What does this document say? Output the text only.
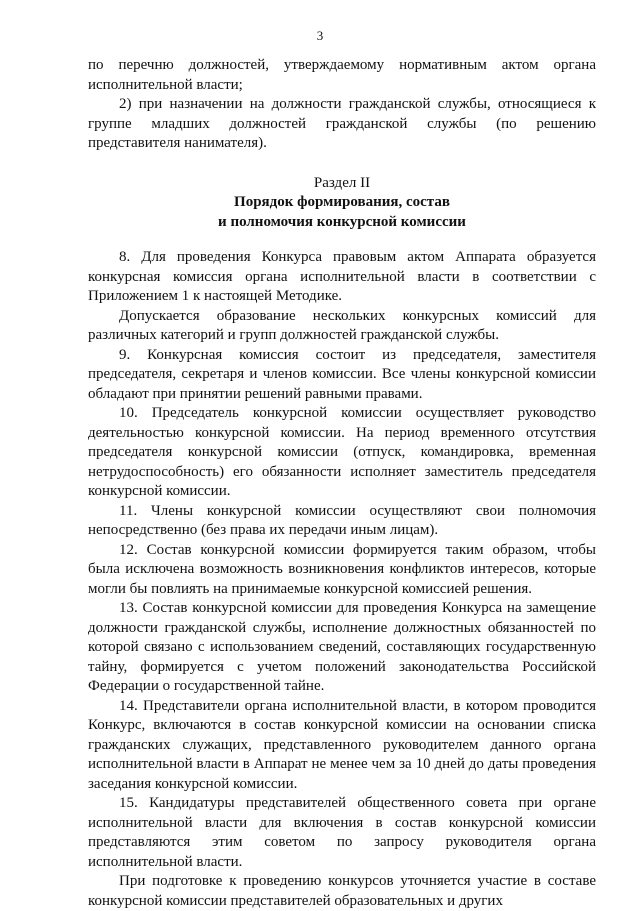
3

по перечню должностей, утверждаемому нормативным актом органа исполнительной власти;

2) при назначении на должности гражданской службы, относящиеся к группе младших должностей гражданской службы (по решению представителя нанимателя).

Раздел II
Порядок формирования, состав
и полномочия конкурсной комиссии

8. Для проведения Конкурса правовым актом Аппарата образуется конкурсная комиссия органа исполнительной власти в соответствии с Приложением 1 к настоящей Методике.

Допускается образование нескольких конкурсных комиссий для различных категорий и групп должностей гражданской службы.

9. Конкурсная комиссия состоит из председателя, заместителя председателя, секретаря и членов комиссии. Все члены конкурсной комиссии обладают при принятии решений равными правами.

10. Председатель конкурсной комиссии осуществляет руководство деятельностью конкурсной комиссии. На период временного отсутствия председателя конкурсной комиссии (отпуск, командировка, временная нетрудоспособность) его обязанности исполняет заместитель председателя конкурсной комиссии.

11. Члены конкурсной комиссии осуществляют свои полномочия непосредственно (без права их передачи иным лицам).

12. Состав конкурсной комиссии формируется таким образом, чтобы была исключена возможность возникновения конфликтов интересов, которые могли бы повлиять на принимаемые конкурсной комиссией решения.

13. Состав конкурсной комиссии для проведения Конкурса на замещение должности гражданской службы, исполнение должностных обязанностей по которой связано с использованием сведений, составляющих государственную тайну, формируется с учетом положений законодательства Российской Федерации о государственной тайне.

14. Представители органа исполнительной власти, в котором проводится Конкурс, включаются в состав конкурсной комиссии на основании списка гражданских служащих, представленного руководителем данного органа исполнительной власти в Аппарат не менее чем за 10 дней до даты проведения заседания конкурсной комиссии.

15. Кандидатуры представителей общественного совета при органе исполнительной власти для включения в состав конкурсной комиссии представляются этим советом по запросу руководителя органа исполнительной власти.

При подготовке к проведению конкурсов уточняется участие в составе конкурсной комиссии представителей образовательных и других
